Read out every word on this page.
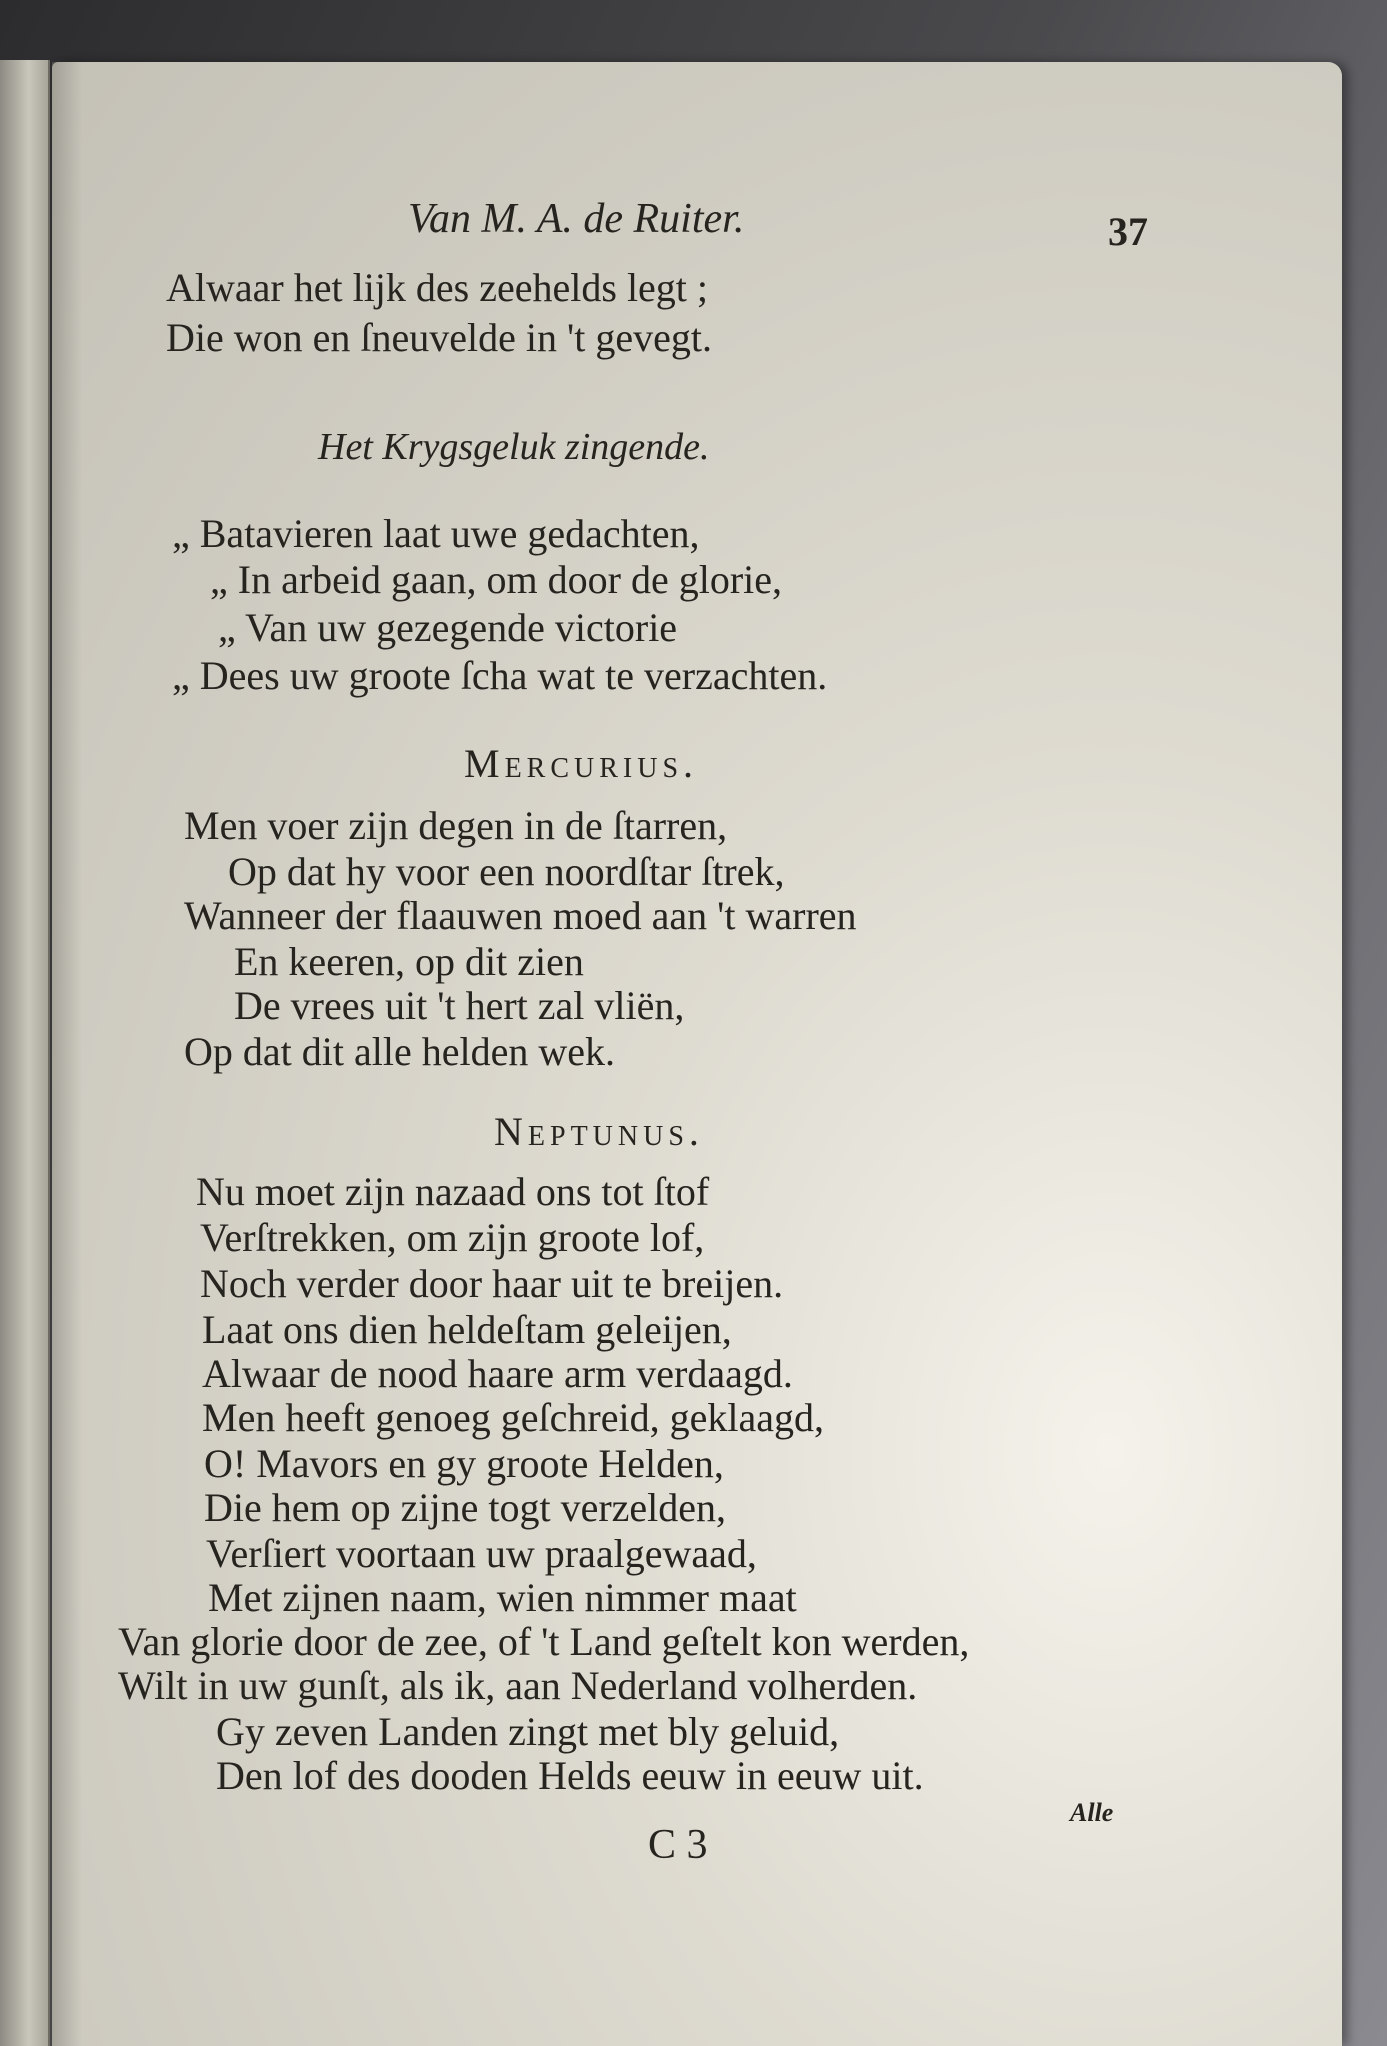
Van M. A. de Ruiter.	37
Alwaar het lijk des zeehelds legt ;
Die won en ſneuvelde in 't gevegt.
Het Krygsgeluk zingende.
„ Batavieren laat uwe gedachten,
„ In arbeid gaan, om door de glorie,
„ Van uw gezegende victorie
„ Dees uw groote ſcha wat te verzachten.
Mercurius.
Men voer zijn degen in de ſtarren,
Op dat hy voor een noordſtar ſtrek,
Wanneer der flaauwen moed aan 't warren
En keeren, op dit zien
De vrees uit 't hert zal vliën,
Op dat dit alle helden wek.
Neptunus.
Nu moet zijn nazaad ons tot ſtof
Verſtrekken, om zijn groote lof,
Noch verder door haar uit te breijen.
Laat ons dien heldeſtam geleijen,
Alwaar de nood haare arm verdaagd.
Men heeft genoeg geſchreid, geklaagd,
O! Mavors en gy groote Helden,
Die hem op zijne togt verzelden,
Verſiert voortaan uw praalgewaad,
Met zijnen naam, wien nimmer maat
Van glorie door de zee, of 't Land geſtelt kon werden,
Wilt in uw gunſt, als ik, aan Nederland volherden.
Gy zeven Landen zingt met bly geluid,
Den lof des dooden Helds eeuw in eeuw uit.
C 3
Alle
